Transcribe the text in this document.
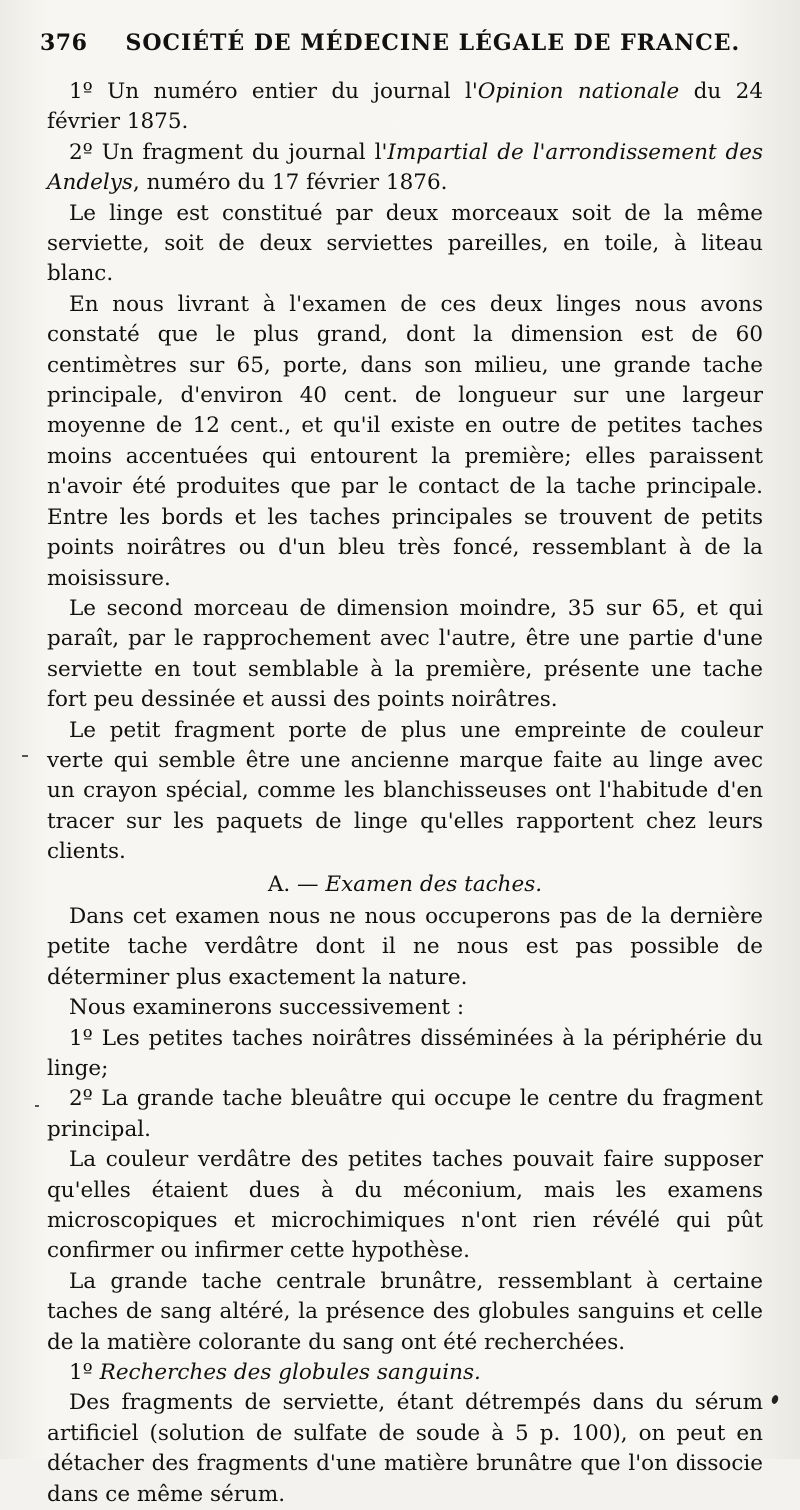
376 SOCIÉTÉ DE MÉDECINE LÉGALE DE FRANCE.

1º Un numéro entier du journal l'Opinion nationale du 24 février 1875.

2º Un fragment du journal l'Impartial de l'arrondissement des Andelys, numéro du 17 février 1876.

Le linge est constitué par deux morceaux soit de la même serviette, soit de deux serviettes pareilles, en toile, à liteau blanc.

En nous livrant à l'examen de ces deux linges nous avons constaté que le plus grand, dont la dimension est de 60 centimètres sur 65, porte, dans son milieu, une grande tache principale, d'environ 40 cent. de longueur sur une largeur moyenne de 12 cent., et qu'il existe en outre de petites taches moins accentuées qui entourent la première; elles paraissent n'avoir été produites que par le contact de la tache principale. Entre les bords et les taches principales se trouvent de petits points noirâtres ou d'un bleu très foncé, ressemblant à de la moisissure.

Le second morceau de dimension moindre, 35 sur 65, et qui paraît, par le rapprochement avec l'autre, être une partie d'une serviette en tout semblable à la première, présente une tache fort peu dessinée et aussi des points noirâtres.

Le petit fragment porte de plus une empreinte de couleur verte qui semble être une ancienne marque faite au linge avec un crayon spécial, comme les blanchisseuses ont l'habitude d'en tracer sur les paquets de linge qu'elles rapportent chez leurs clients.

A. — Examen des taches.

Dans cet examen nous ne nous occuperons pas de la dernière petite tache verdâtre dont il ne nous est pas possible de déterminer plus exactement la nature.

Nous examinerons successivement :

1º Les petites taches noirâtres disséminées à la périphérie du linge;

2º La grande tache bleuâtre qui occupe le centre du fragment principal.

La couleur verdâtre des petites taches pouvait faire supposer qu'elles étaient dues à du méconium, mais les examens microscopiques et microchimiques n'ont rien révélé qui pût confirmer ou infirmer cette hypothèse.

La grande tache centrale brunâtre, ressemblant à certaine taches de sang altéré, la présence des globules sanguins et celle de la matière colorante du sang ont été recherchées.

1º Recherches des globules sanguins.

Des fragments de serviette, étant détrempés dans du sérum artificiel (solution de sulfate de soude à 5 p. 100), on peut en détacher des fragments d'une matière brunâtre que l'on dissocie dans ce même sérum.
